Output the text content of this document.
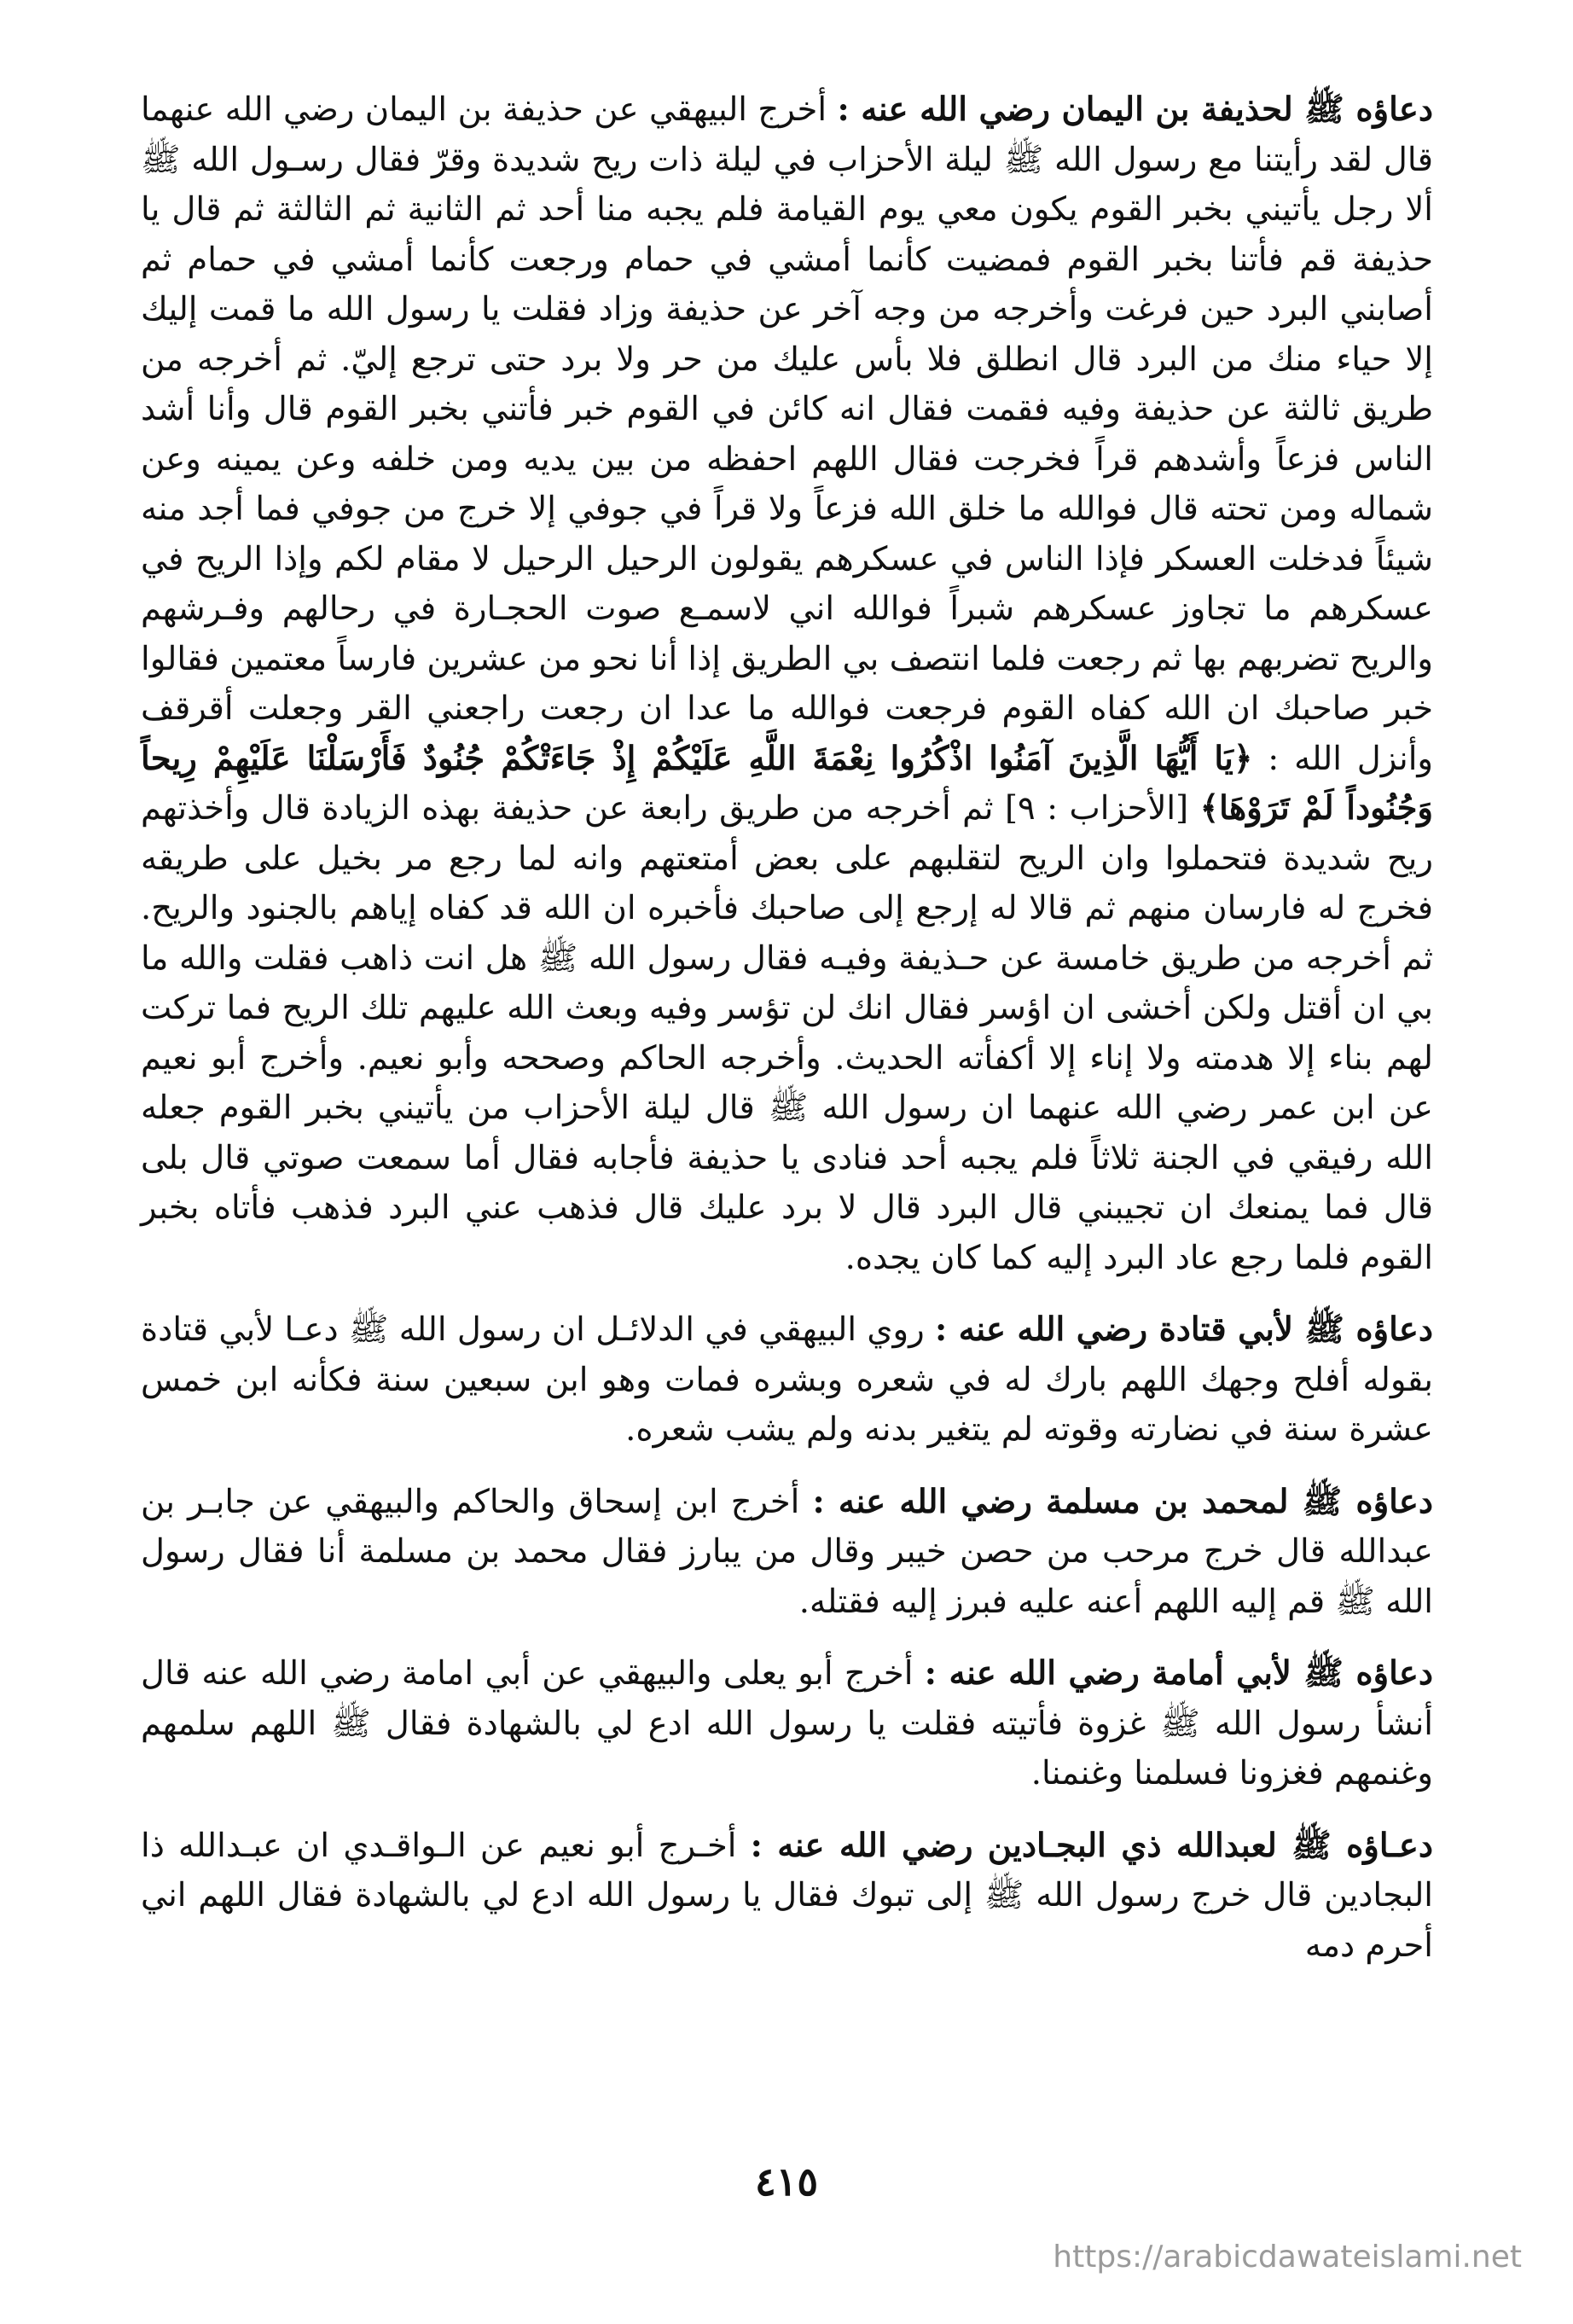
دعاؤه ﷺ لحذيفة بن اليمان رضي الله عنه : أخرج البيهقي عن حذيفة بن اليمان رضي الله عنهما قال لقد رأيتنا مع رسول الله ﷺ ليلة الأحزاب في ليلة ذات ريح شديدة وقرّ فقال رسـول الله ﷺ ألا رجل يأتيني بخبر القوم يكون معي يوم القيامة فلم يجبه منا أحد ثم الثانية ثم الثالثة ثم قال يا حذيفة قم فأتنا بخبر القوم فمضيت كأنما أمشي في حمام ورجعت كأنما أمشي في حمام ثم أصابني البرد حين فرغت وأخرجه من وجه آخر عن حذيفة وزاد فقلت يا رسول الله ما قمت إليك إلا حياء منك من البرد قال انطلق فلا بأس عليك من حر ولا برد حتى ترجع إليّ. ثم أخرجه من طريق ثالثة عن حذيفة وفيه فقمت فقال انه كائن في القوم خبر فأتني بخبر القوم قال وأنا أشد الناس فزعاً وأشدهم قراً فخرجت فقال اللهم احفظه من بين يديه ومن خلفه وعن يمينه وعن شماله ومن تحته قال فوالله ما خلق الله فزعاً ولا قراً في جوفي إلا خرج من جوفي فما أجد منه شيئاً فدخلت العسكر فإذا الناس في عسكرهم يقولون الرحيل الرحيل لا مقام لكم وإذا الريح في عسكرهم ما تجاوز عسكرهم شبراً فوالله اني لاسمـع صوت الحجـارة في رحالهم وفـرشهم والريح تضربهم بها ثم رجعت فلما انتصف بي الطريق إذا أنا نحو من عشرين فارساً معتمين فقالوا خبر صاحبك ان الله كفاه القوم فرجعت فوالله ما عدا ان رجعت راجعني القر وجعلت أقرقف وأنزل الله : ﴿يَا أَيُّهَا الَّذِينَ آمَنُوا اذْكُرُوا نِعْمَةَ اللَّهِ عَلَيْكُمْ إِذْ جَاءَتْكُمْ جُنُودٌ فَأَرْسَلْنَا عَلَيْهِمْ رِيحاً وَجُنُوداً لَمْ تَرَوْهَا﴾ [الأحزاب : ٩] ثم أخرجه من طريق رابعة عن حذيفة بهذه الزيادة قال وأخذتهم ريح شديدة فتحملوا وان الريح لتقلبهم على بعض أمتعتهم وانه لما رجع مر بخيل على طريقه فخرج له فارسان منهم ثم قالا له إرجع إلى صاحبك فأخبره ان الله قد كفاه إياهم بالجنود والريح. ثم أخرجه من طريق خامسة عن حـذيفة وفيـه فقال رسول الله ﷺ هل انت ذاهب فقلت والله ما بي ان أقتل ولكن أخشى ان اؤسر فقال انك لن تؤسر وفيه وبعث الله عليهم تلك الريح فما تركت لهم بناء إلا هدمته ولا إناء إلا أكفأته الحديث. وأخرجه الحاكم وصححه وأبو نعيم. وأخرج أبو نعيم عن ابن عمر رضي الله عنهما ان رسول الله ﷺ قال ليلة الأحزاب من يأتيني بخبر القوم جعله الله رفيقي في الجنة ثلاثاً فلم يجبه أحد فنادى يا حذيفة فأجابه فقال أما سمعت صوتي قال بلى قال فما يمنعك ان تجيبني قال البرد قال لا برد عليك قال فذهب عني البرد فذهب فأتاه بخبر القوم فلما رجع عاد البرد إليه كما كان يجده.

دعاؤه ﷺ لأبي قتادة رضي الله عنه : روي البيهقي في الدلائـل ان رسول الله ﷺ دعـا لأبي قتادة بقوله أفلح وجهك اللهم بارك له في شعره وبشره فمات وهو ابن سبعين سنة فكأنه ابن خمس عشرة سنة في نضارته وقوته لم يتغير بدنه ولم يشب شعره.

دعاؤه ﷺ لمحمد بن مسلمة رضي الله عنه : أخرج ابن إسحاق والحاكم والبيهقي عن جابـر بن عبدالله قال خرج مرحب من حصن خيبر وقال من يبارز فقال محمد بن مسلمة أنا فقال رسول الله ﷺ قم إليه اللهم أعنه عليه فبرز إليه فقتله.

دعاؤه ﷺ لأبي أمامة رضي الله عنه : أخرج أبو يعلى والبيهقي عن أبي امامة رضي الله عنه قال أنشأ رسول الله ﷺ غزوة فأتيته فقلت يا رسول الله ادع لي بالشهادة فقال ﷺ اللهم سلمهم وغنمهم فغزونا فسلمنا وغنمنا.

دعـاؤه ﷺ لعبدالله ذي البجـادين رضي الله عنه : أخـرج أبو نعيم عن الـواقـدي ان عبـدالله ذا البجادين قال خرج رسول الله ﷺ إلى تبوك فقال يا رسول الله ادع لي بالشهادة فقال اللهم اني أحرم دمه

٤١٥
https://arabicdawateislami.net
